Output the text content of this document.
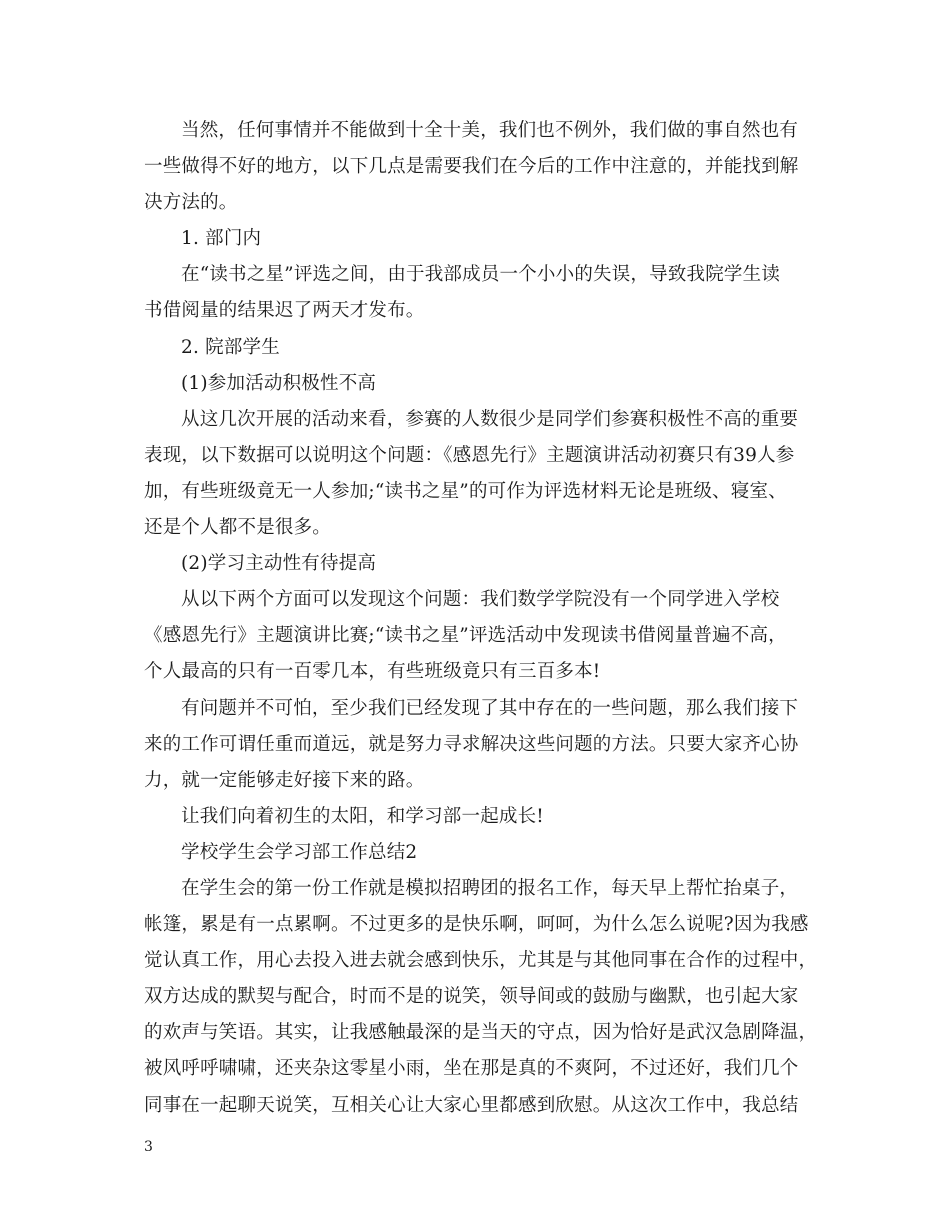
当然，任何事情并不能做到十全十美，我们也不例外，我们做的事自然也有
一些做得不好的地方，以下几点是需要我们在今后的工作中注意的，并能找到解
决方法的。
1. 部门内
在“读书之星”评选之间，由于我部成员一个小小的失误，导致我院学生读
书借阅量的结果迟了两天才发布。
2. 院部学生
(1)参加活动积极性不高
从这几次开展的活动来看，参赛的人数很少是同学们参赛积极性不高的重要
表现，以下数据可以说明这个问题：《感恩先行》主题演讲活动初赛只有39人参
加，有些班级竟无一人参加;“读书之星”的可作为评选材料无论是班级、寝室、
还是个人都不是很多。
(2)学习主动性有待提高
从以下两个方面可以发现这个问题：我们数学学院没有一个同学进入学校
《感恩先行》主题演讲比赛;“读书之星”评选活动中发现读书借阅量普遍不高，
个人最高的只有一百零几本，有些班级竟只有三百多本!
有问题并不可怕，至少我们已经发现了其中存在的一些问题，那么我们接下
来的工作可谓任重而道远，就是努力寻求解决这些问题的方法。只要大家齐心协
力，就一定能够走好接下来的路。
让我们向着初生的太阳，和学习部一起成长!
学校学生会学习部工作总结2
在学生会的第一份工作就是模拟招聘团的报名工作，每天早上帮忙抬桌子，
帐篷，累是有一点累啊。不过更多的是快乐啊，呵呵，为什么怎么说呢?因为我感
觉认真工作，用心去投入进去就会感到快乐，尤其是与其他同事在合作的过程中，
双方达成的默契与配合，时而不是的说笑，领导间或的鼓励与幽默，也引起大家
的欢声与笑语。其实，让我感触最深的是当天的守点，因为恰好是武汉急剧降温，
被风呼呼啸啸，还夹杂这零星小雨，坐在那是真的不爽阿，不过还好，我们几个
同事在一起聊天说笑，互相关心让大家心里都感到欣慰。从这次工作中，我总结
3
